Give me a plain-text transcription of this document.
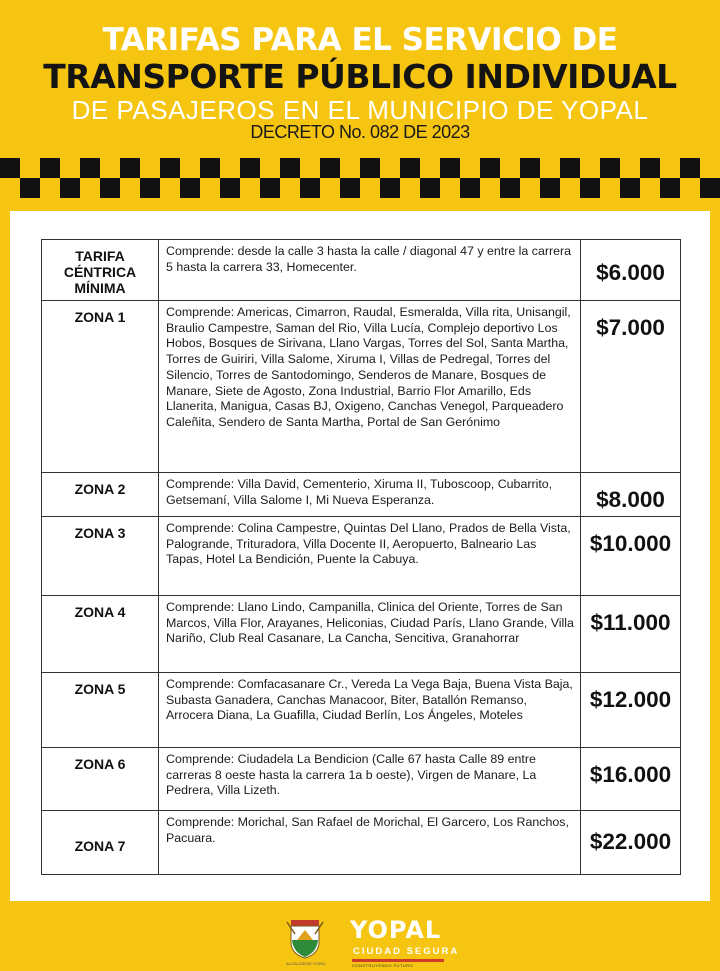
TARIFAS PARA EL SERVICIO DE
TRANSPORTE PÚBLICO INDIVIDUAL
DE PASAJEROS EN EL MUNICIPIO DE YOPAL
DECRETO No. 082 DE 2023
TARIFA CÉNTRICA MÍNIMA	Comprende: desde la calle 3 hasta la calle / diagonal 47 y entre la carrera 5 hasta la carrera 33, Homecenter.	$6.000
ZONA 1	Comprende: Americas, Cimarron, Raudal, Esmeralda, Villa rita, Unisangil, Braulio Campestre, Saman del Rio, Villa Lucía, Complejo deportivo Los Hobos, Bosques de Sirivana, Llano Vargas, Torres del Sol, Santa Martha, Torres de Guiriri, Villa Salome, Xiruma I, Villas de Pedregal, Torres del Silencio, Torres de Santodomingo, Senderos de Manare, Bosques de Manare, Siete de Agosto, Zona Industrial, Barrio Flor Amarillo, Eds Llanerita, Manigua, Casas BJ, Oxigeno, Canchas Venegol, Parqueadero Caleñita, Sendero de Santa Martha, Portal de San Gerónimo	$7.000
ZONA 2	Comprende: Villa David, Cementerio, Xiruma II, Tuboscoop, Cubarrito, Getsemaní, Villa Salome I, Mi Nueva Esperanza.	$8.000
ZONA 3	Comprende: Colina Campestre, Quintas Del Llano, Prados de Bella Vista, Palogrande, Trituradora, Villa Docente II, Aeropuerto, Balneario Las Tapas, Hotel La Bendición, Puente la Cabuya.	$10.000
ZONA 4	Comprende: Llano Lindo, Campanilla, Clinica del Oriente, Torres de San Marcos, Villa Flor, Arayanes, Heliconias, Ciudad París, Llano Grande, Villa Nariño, Club Real Casanare, La Cancha, Sencitiva, Granahorrar	$11.000
ZONA 5	Comprende: Comfacasanare Cr., Vereda La Vega Baja, Buena Vista Baja, Subasta Ganadera, Canchas Manacoor, Biter, Batallón Remanso, Arrocera Diana, La Guafilla, Ciudad Berlín, Los Ángeles, Moteles	$12.000
ZONA 6	Comprende: Ciudadela La Bendicion (Calle 67 hasta Calle 89 entre carreras 8 oeste hasta la carrera 1a b oeste), Virgen de Manare, La Pedrera, Villa Lizeth.	$16.000
ZONA 7	Comprende: Morichal, San Rafael de Morichal, El Garcero, Los Ranchos, Pacuara.	$22.000
ALCALDÍA DE YOPAL
YOPAL
CIUDAD SEGURA
CONSTRUYENDO FUTURO
